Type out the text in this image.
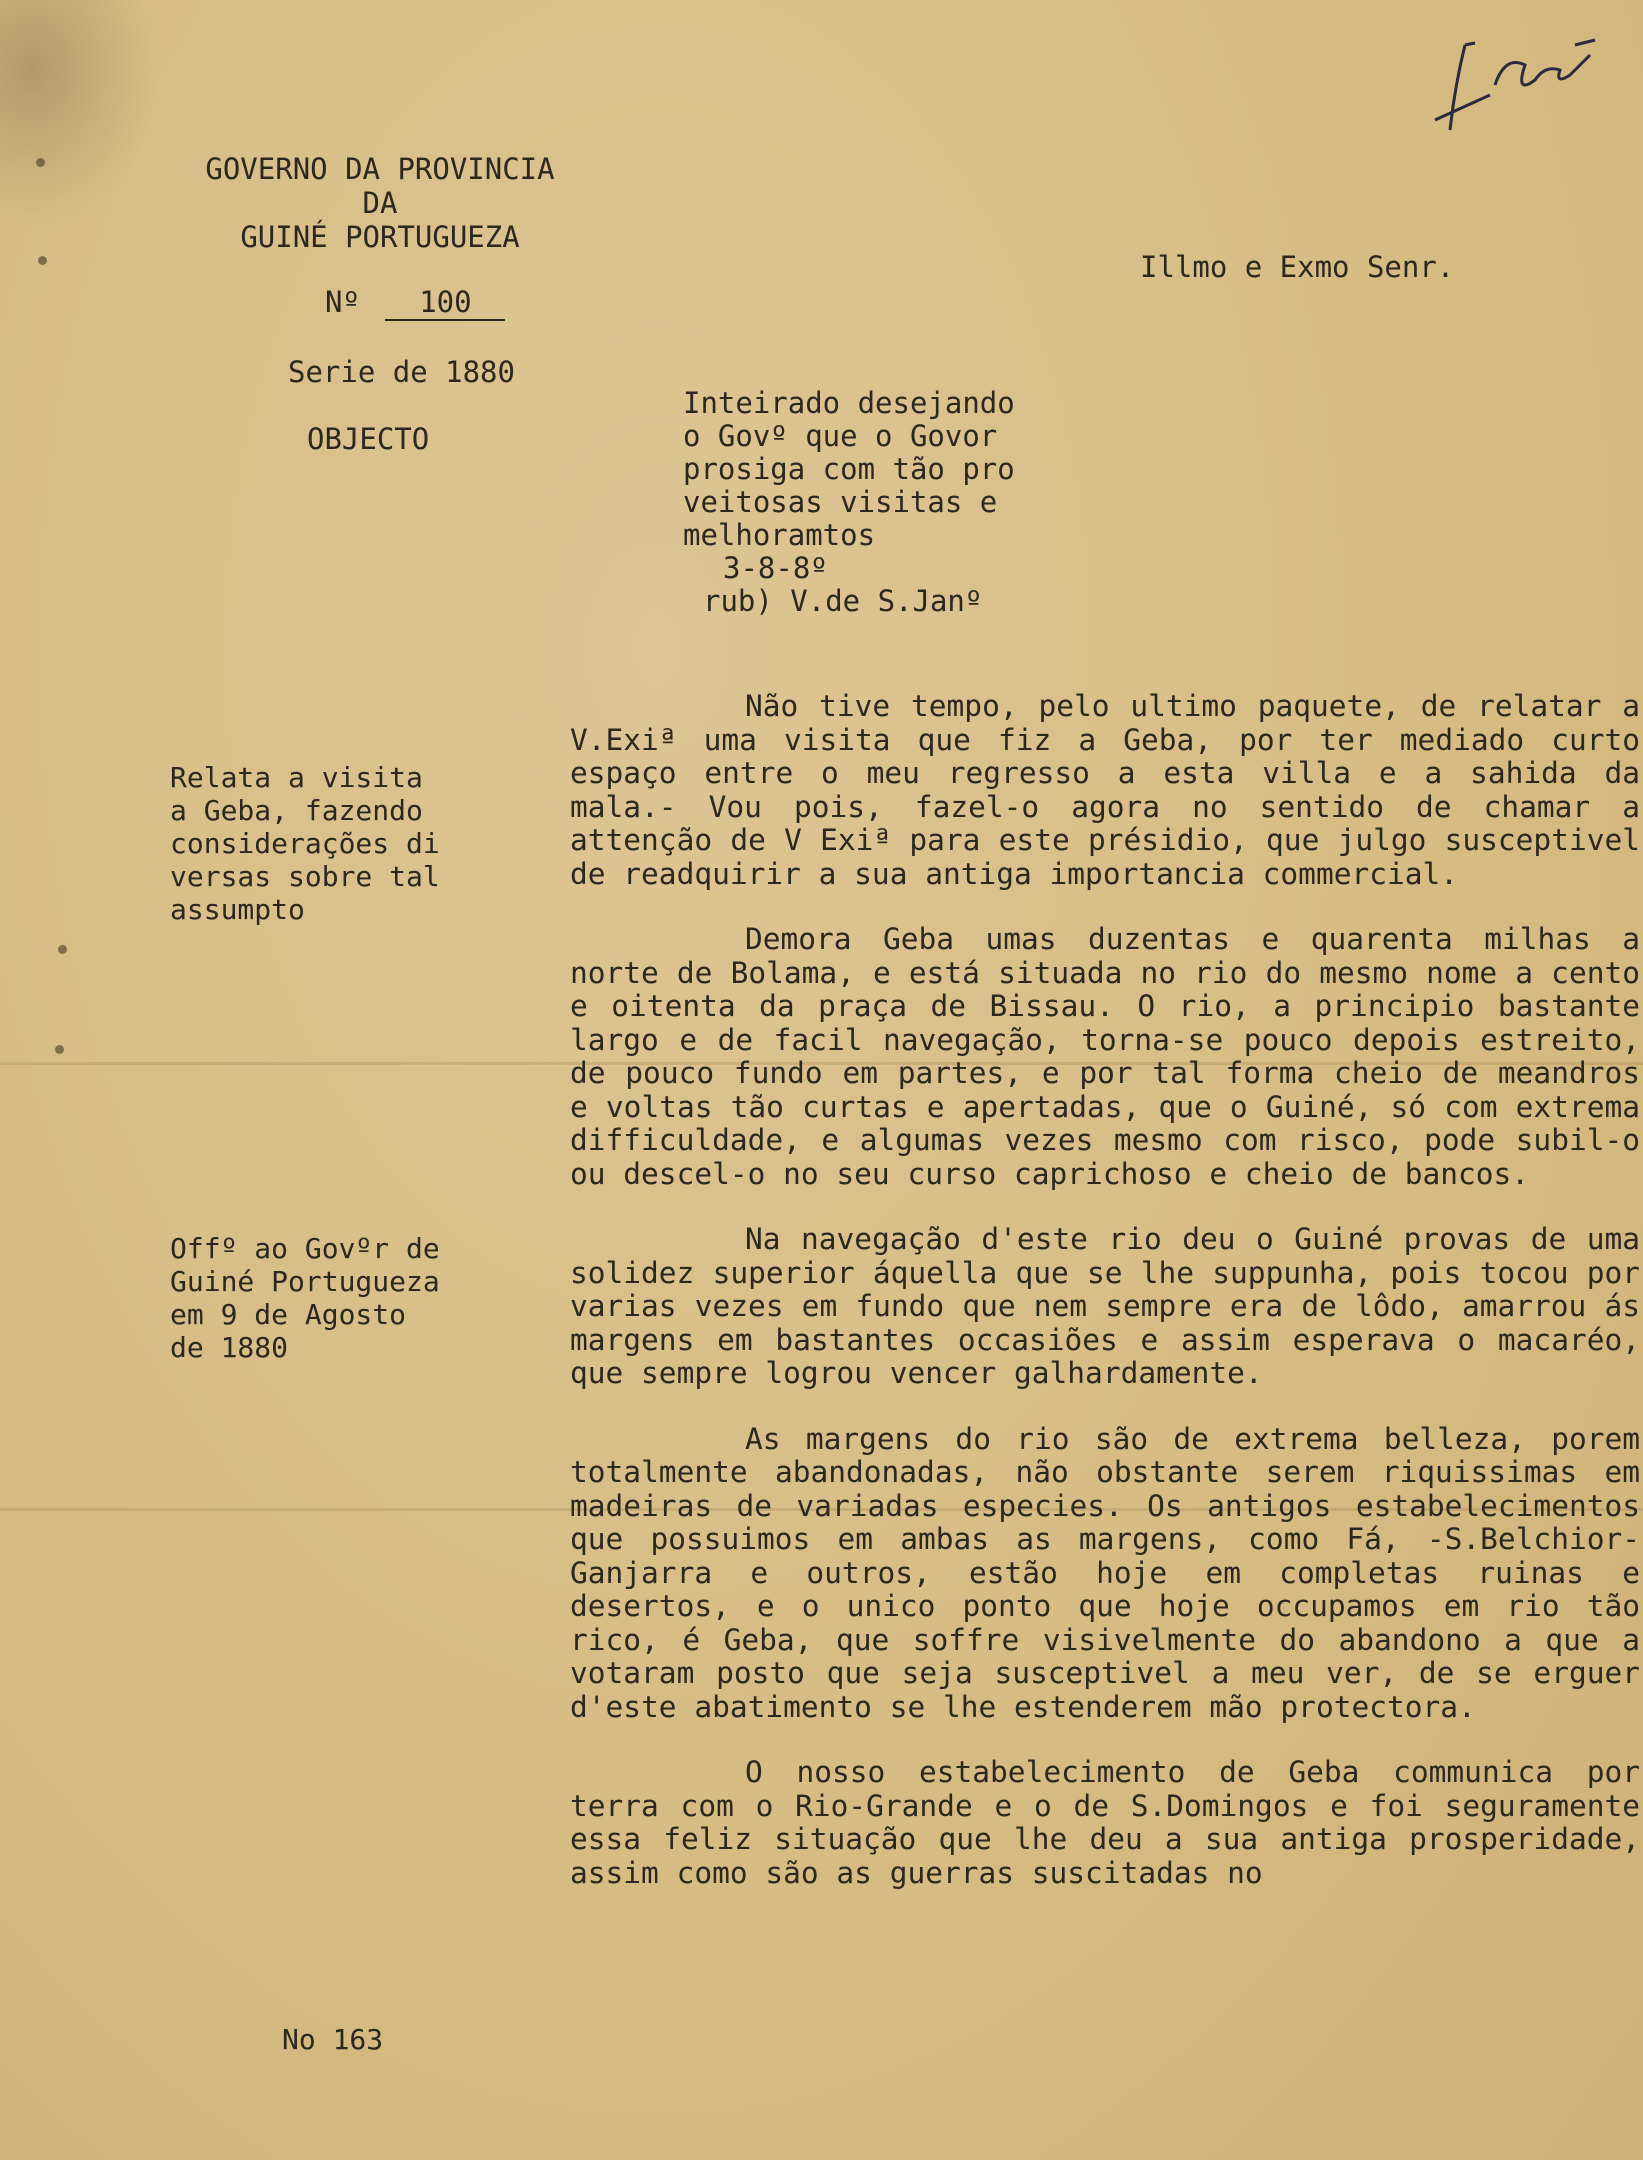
GOVERNO DA PROVINCIA
DA
GUINÉ PORTUGUEZA
Nº 100
Serie de 1880
OBJECTO
Illmo e Exmo Senr.
Inteirado desejando
o Govº que o Govor
prosiga com tão pro
veitosas visitas e
melhoramtos
3-8-8º
rub) V.de S.Janº
Relata a visita
a Geba, fazendo
considerações di
versas sobre tal
assumpto
Offº ao Govºr de
Guiné Portugueza
em 9 de Agosto
de 1880
No 163

Não tive tempo, pelo ultimo paquete, de relatar a V.Exiª uma visita que fiz a Geba, por ter mediado curto espaço entre o meu regresso a esta villa e a sahida da mala.- Vou pois, fazel-o agora no sentido de chamar a attenção de V Exiª para este présidio, que julgo susceptivel de readquirir a sua antiga importancia commercial.

Demora Geba umas duzentas e quarenta milhas a norte de Bolama, e está situada no rio do mesmo nome a cento e oitenta da praça de Bissau. O rio, a principio bastante largo e de facil navegação, torna-se pouco depois estreito, de pouco fundo em partes, e por tal forma cheio de meandros e voltas tão curtas e apertadas, que o Guiné, só com extrema difficuldade, e algumas vezes mesmo com risco, pode subil-o ou descel-o no seu curso caprichoso e cheio de bancos.

Na navegação d'este rio deu o Guiné provas de uma solidez superior áquella que se lhe suppunha, pois tocou por varias vezes em fundo que nem sempre era de lôdo, amarrou ás margens em bastantes occasiões e assim esperava o macaréo, que sempre logrou vencer galhardamente.

As margens do rio são de extrema belleza, porem totalmente abandonadas, não obstante serem riquissimas em madeiras de variadas especies. Os antigos estabelecimentos que possuimos em ambas as margens, como Fá, -S.Belchior- Ganjarra e outros, estão hoje em completas ruinas e desertos, e o unico ponto que hoje occupamos em rio tão rico, é Geba, que soffre visivelmente do abandono a que a votaram posto que seja susceptivel a meu ver, de se erguer d'este abatimento se lhe estenderem mão protectora.

O nosso estabelecimento de Geba communica por terra com o Rio-Grande e o de S.Domingos e foi seguramente essa feliz situação que lhe deu a sua antiga prosperidade, assim como são as guerras suscitadas no
